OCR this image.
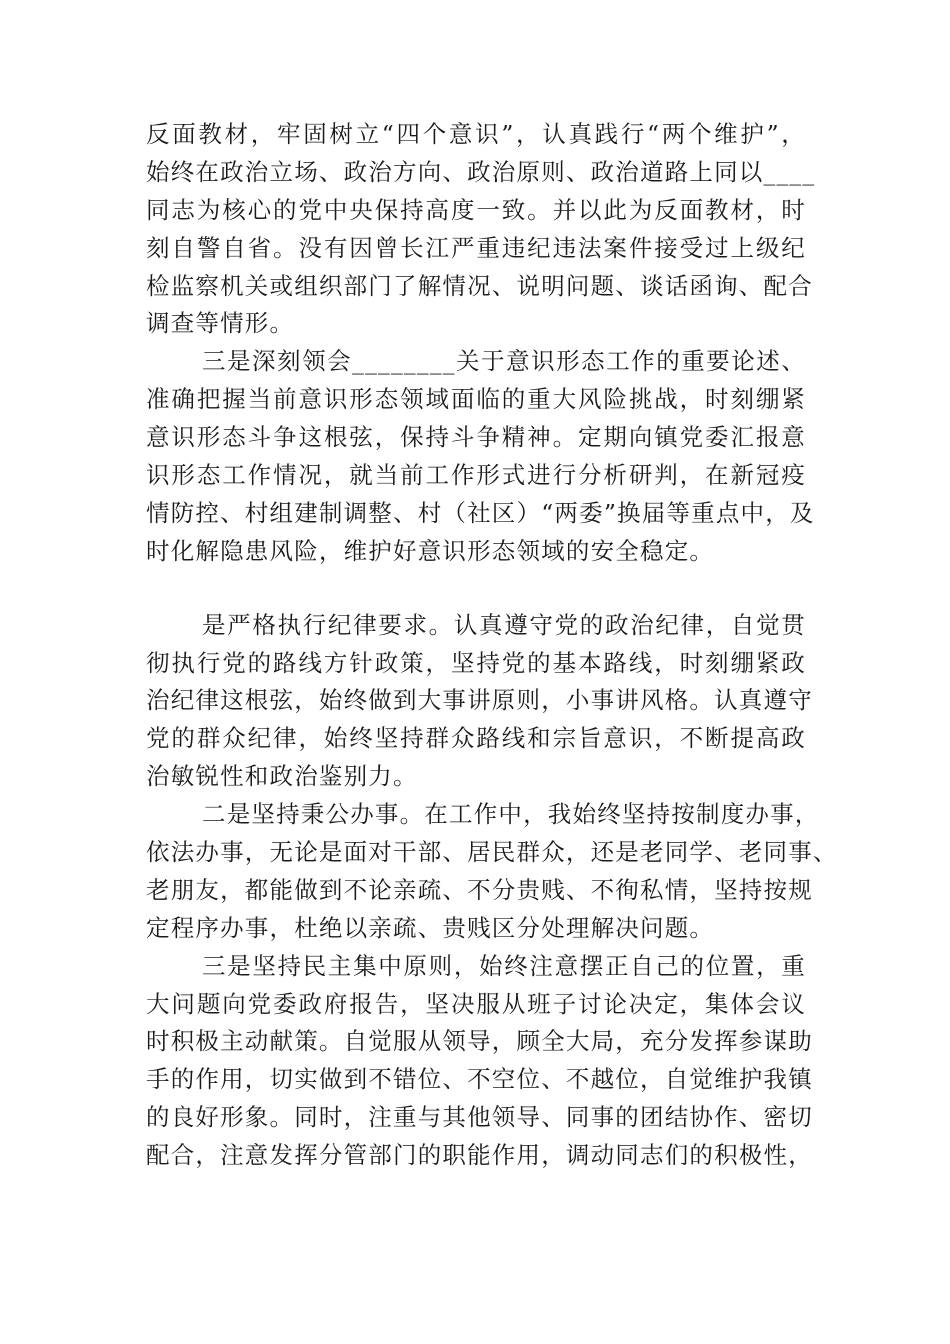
反面教材，牢固树立“四个意识”，认真践行“两个维护”，
始终在政治立场、政治方向、政治原则、政治道路上同以____
同志为核心的党中央保持高度一致。并以此为反面教材，时
刻自警自省。没有因曾长江严重违纪违法案件接受过上级纪
检监察机关或组织部门了解情况、说明问题、谈话函询、配合
调查等情形。
三是深刻领会________关于意识形态工作的重要论述、
准确把握当前意识形态领域面临的重大风险挑战，时刻绷紧
意识形态斗争这根弦，保持斗争精神。定期向镇党委汇报意
识形态工作情况，就当前工作形式进行分析研判，在新冠疫
情防控、村组建制调整、村（社区）“两委”换届等重点中，及
时化解隐患风险，维护好意识形态领域的安全稳定。
是严格执行纪律要求。认真遵守党的政治纪律，自觉贯
彻执行党的路线方针政策，坚持党的基本路线，时刻绷紧政
治纪律这根弦，始终做到大事讲原则，小事讲风格。认真遵守
党的群众纪律，始终坚持群众路线和宗旨意识，不断提高政
治敏锐性和政治鉴别力。
二是坚持秉公办事。在工作中，我始终坚持按制度办事，
依法办事，无论是面对干部、居民群众，还是老同学、老同事、
老朋友，都能做到不论亲疏、不分贵贱、不徇私情，坚持按规
定程序办事，杜绝以亲疏、贵贱区分处理解决问题。
三是坚持民主集中原则，始终注意摆正自己的位置，重
大问题向党委政府报告，坚决服从班子讨论决定，集体会议
时积极主动献策。自觉服从领导，顾全大局，充分发挥参谋助
手的作用，切实做到不错位、不空位、不越位，自觉维护我镇
的良好形象。同时，注重与其他领导、同事的团结协作、密切
配合，注意发挥分管部门的职能作用，调动同志们的积极性，
